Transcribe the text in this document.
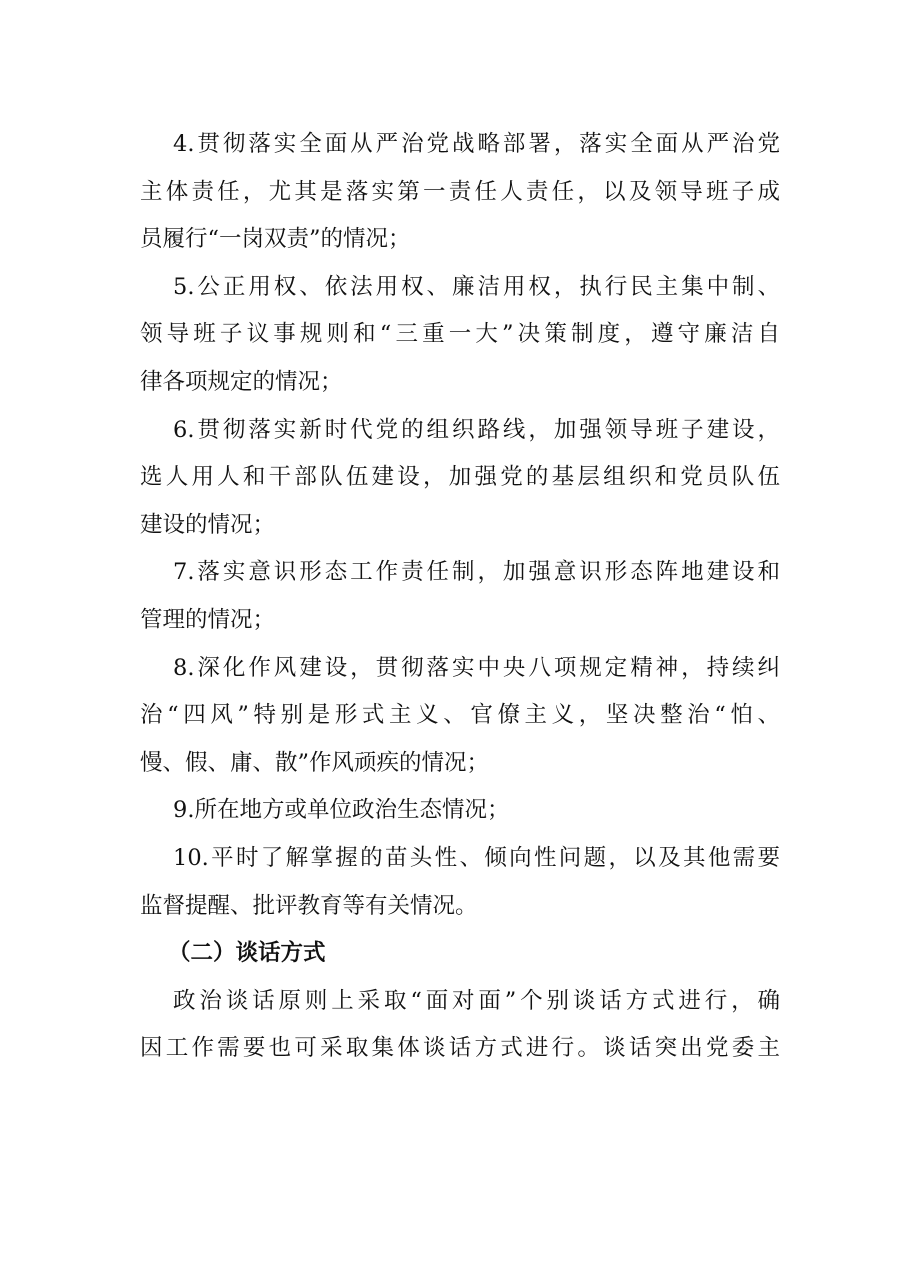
4.贯彻落实全面从严治党战略部署，落实全面从严治党
主体责任，尤其是落实第一责任人责任，以及领导班子成
员履行“一岗双责”的情况；
5.公正用权、依法用权、廉洁用权，执行民主集中制、
领导班子议事规则和“三重一大”决策制度，遵守廉洁自
律各项规定的情况；
6.贯彻落实新时代党的组织路线，加强领导班子建设，
选人用人和干部队伍建设，加强党的基层组织和党员队伍
建设的情况；
7.落实意识形态工作责任制，加强意识形态阵地建设和
管理的情况；
8.深化作风建设，贯彻落实中央八项规定精神，持续纠
治“四风”特别是形式主义、官僚主义，坚决整治“怕、
慢、假、庸、散”作风顽疾的情况；
9.所在地方或单位政治生态情况；
10.平时了解掌握的苗头性、倾向性问题，以及其他需要
监督提醒、批评教育等有关情况。
（二）谈话方式
政治谈话原则上采取“面对面”个别谈话方式进行，确
因工作需要也可采取集体谈话方式进行。谈话突出党委主
